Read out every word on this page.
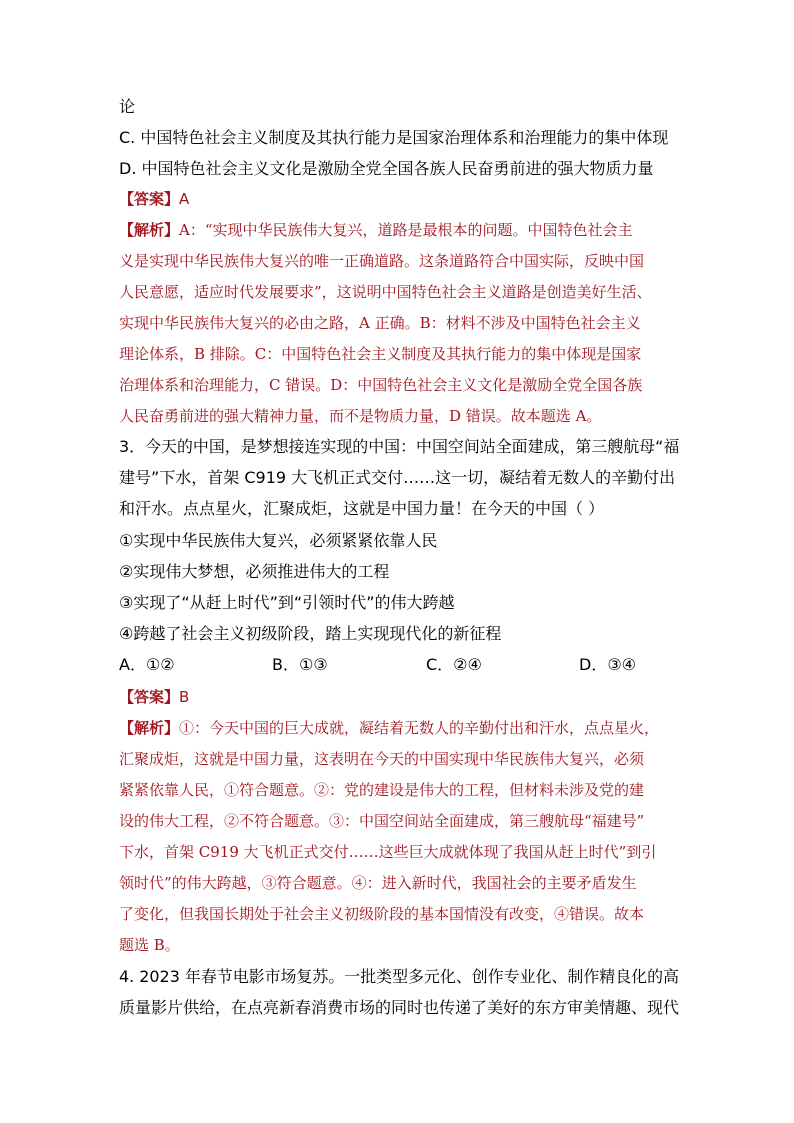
论
C. 中国特色社会主义制度及其执行能力是国家治理体系和治理能力的集中体现
D. 中国特色社会主义文化是激励全党全国各族人民奋勇前进的强大物质力量
【答案】A
【解析】A：“实现中华民族伟大复兴，道路是最根本的问题。中国特色社会主
义是实现中华民族伟大复兴的唯一正确道路。这条道路符合中国实际，反映中国
人民意愿，适应时代发展要求”，这说明中国特色社会主义道路是创造美好生活、
实现中华民族伟大复兴的必由之路，A 正确。B：材料不涉及中国特色社会主义
理论体系，B 排除。C：中国特色社会主义制度及其执行能力的集中体现是国家
治理体系和治理能力，C 错误。D：中国特色社会主义文化是激励全党全国各族
人民奋勇前进的强大精神力量，而不是物质力量，D 错误。故本题选 A。
3．今天的中国，是梦想接连实现的中国：中国空间站全面建成，第三艘航母“福
建号”下水，首架 C919 大飞机正式交付……这一切，凝结着无数人的辛勤付出
和汗水。点点星火，汇聚成炬，这就是中国力量！在今天的中国（ ）
①实现中华民族伟大复兴，必须紧紧依靠人民
②实现伟大梦想，必须推进伟大的工程
③实现了“从赶上时代”到“引领时代”的伟大跨越
④跨越了社会主义初级阶段，踏上实现现代化的新征程
A．①②	B．①③	C．②④	D．③④
【答案】B
【解析】①：今天中国的巨大成就，凝结着无数人的辛勤付出和汗水，点点星火，
汇聚成炬，这就是中国力量，这表明在今天的中国实现中华民族伟大复兴，必须
紧紧依靠人民，①符合题意。②：党的建设是伟大的工程，但材料未涉及党的建
设的伟大工程，②不符合题意。③：中国空间站全面建成，第三艘航母“福建号”
下水，首架 C919 大飞机正式交付……这些巨大成就体现了我国从赶上时代”到引
领时代”的伟大跨越，③符合题意。④：进入新时代，我国社会的主要矛盾发生
了变化，但我国长期处于社会主义初级阶段的基本国情没有改变，④错误。故本
题选 B。
4. 2023 年春节电影市场复苏。一批类型多元化、创作专业化、制作精良化的高
质量影片供给，在点亮新春消费市场的同时也传递了美好的东方审美情趣、现代
